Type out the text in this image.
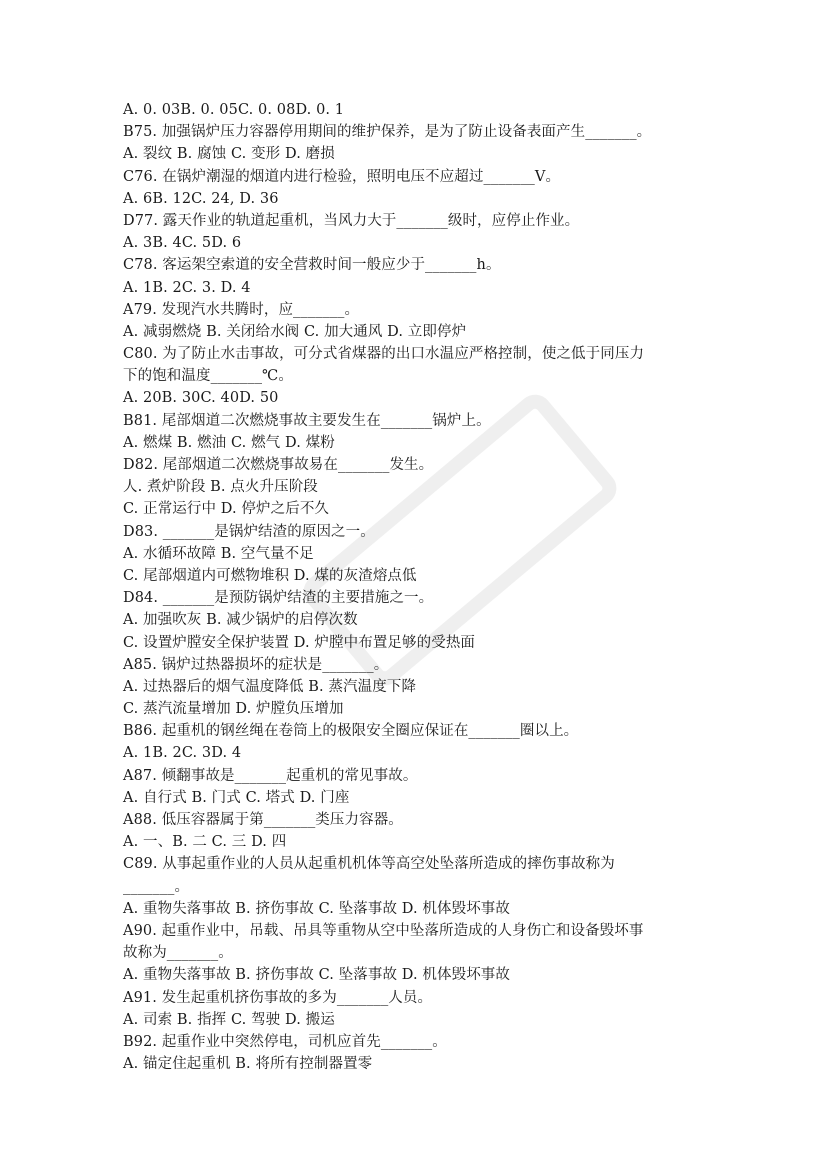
A. 0. 03B. 0. 05C. 0. 08D. 0. 1
B75. 加强锅炉压力容器停用期间的维护保养，是为了防止设备表面产生_______。
A. 裂纹 B. 腐蚀 C. 变形 D. 磨损
C76. 在锅炉潮湿的烟道内进行检验，照明电压不应超过_______V。
A. 6B. 12C. 24, D. 36
D77. 露天作业的轨道起重机，当风力大于_______级时，应停止作业。
A. 3B. 4C. 5D. 6
C78. 客运架空索道的安全营救时间一般应少于_______h。
A. 1B. 2C. 3. D. 4
A79. 发现汽水共腾时，应_______。
A. 减弱燃烧 B. 关闭给水阀 C. 加大通风 D. 立即停炉
C80. 为了防止水击事故，可分式省煤器的出口水温应严格控制，使之低于同压力
下的饱和温度_______℃。
A. 20B. 30C. 40D. 50
B81. 尾部烟道二次燃烧事故主要发生在_______锅炉上。
A. 燃煤 B. 燃油 C. 燃气 D. 煤粉
D82. 尾部烟道二次燃烧事故易在_______发生。
人. 煮炉阶段 B. 点火升压阶段
C. 正常运行中 D. 停炉之后不久
D83. _______是锅炉结渣的原因之一。
A. 水循环故障 B. 空气量不足
C. 尾部烟道内可燃物堆积 D. 煤的灰渣熔点低
D84. _______是预防锅炉结渣的主要措施之一。
A. 加强吹灰 B. 减少锅炉的启停次数
C. 设置炉膛安全保护装置 D. 炉膛中布置足够的受热面
A85. 锅炉过热器损坏的症状是_______。
A. 过热器后的烟气温度降低 B. 蒸汽温度下降
C. 蒸汽流量增加 D. 炉膛负压增加
B86. 起重机的钢丝绳在卷筒上的极限安全圈应保证在_______圈以上。
A. 1B. 2C. 3D. 4
A87. 倾翻事故是_______起重机的常见事故。
A. 自行式 B. 门式 C. 塔式 D. 门座
A88. 低压容器属于第_______类压力容器。
A. 一、B. 二 C. 三 D. 四
C89. 从事起重作业的人员从起重机机体等高空处坠落所造成的摔伤事故称为
_______。
A. 重物失落事故 B. 挤伤事故 C. 坠落事故 D. 机体毁坏事故
A90. 起重作业中，吊载、吊具等重物从空中坠落所造成的人身伤亡和设备毁坏事
故称为_______。
A. 重物失落事故 B. 挤伤事故 C. 坠落事故 D. 机体毁坏事故
A91. 发生起重机挤伤事故的多为_______人员。
A. 司索 B. 指挥 C. 驾驶 D. 搬运
B92. 起重作业中突然停电，司机应首先_______。
A. 锚定住起重机 B. 将所有控制器置零
